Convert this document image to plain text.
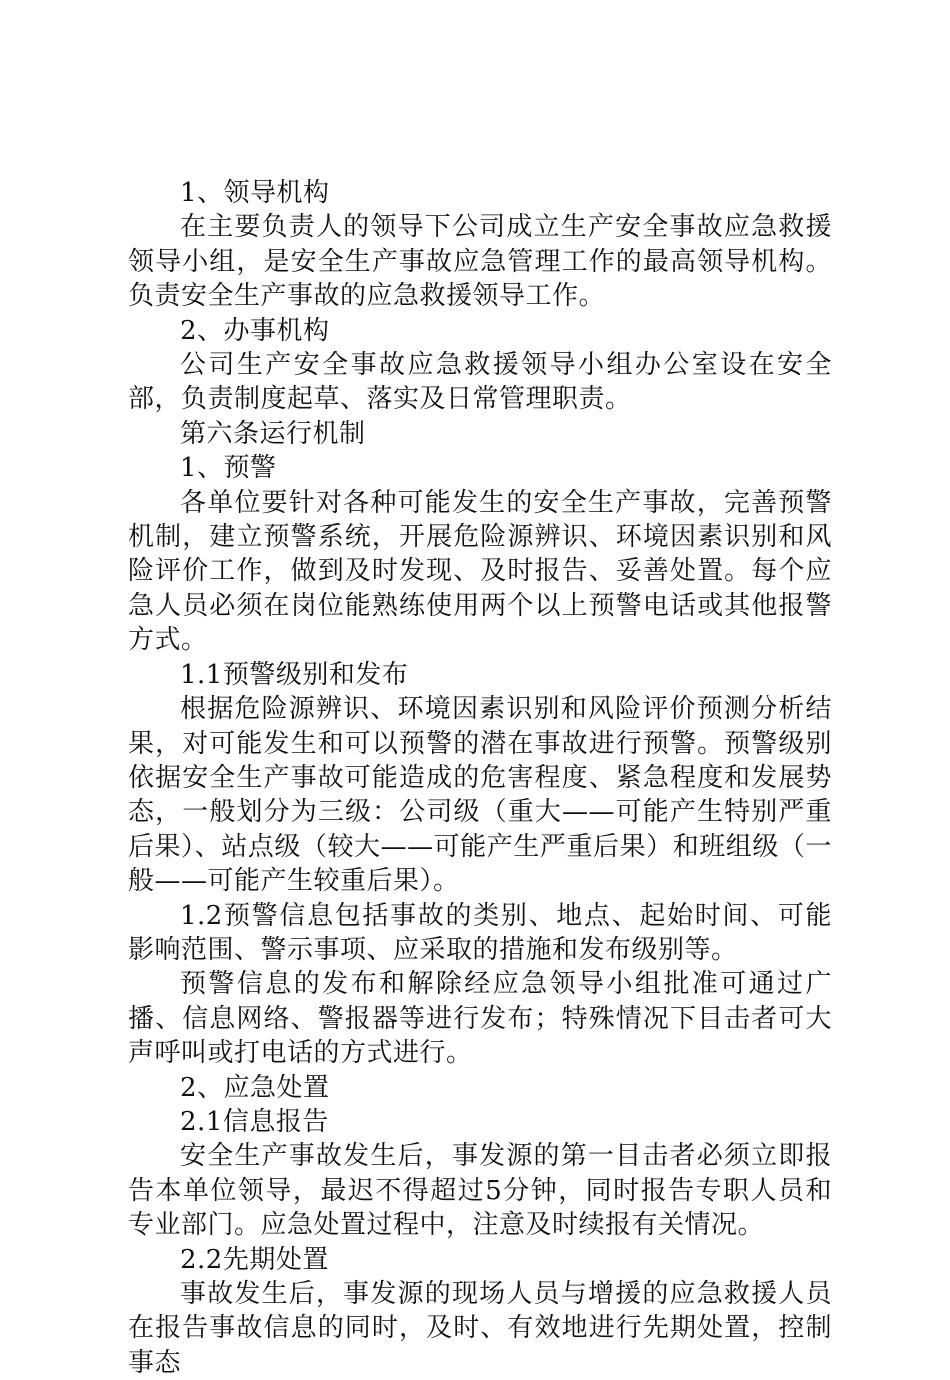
1、领导机构

在主要负责人的领导下公司成立生产安全事故应急救援领导小组，是安全生产事故应急管理工作的最高领导机构。负责安全生产事故的应急救援领导工作。

2、办事机构

公司生产安全事故应急救援领导小组办公室设在安全部，负责制度起草、落实及日常管理职责。

第六条运行机制

1、预警

各单位要针对各种可能发生的安全生产事故，完善预警机制，建立预警系统，开展危险源辨识、环境因素识别和风险评价工作，做到及时发现、及时报告、妥善处置。每个应急人员必须在岗位能熟练使用两个以上预警电话或其他报警方式。

1.1预警级别和发布

根据危险源辨识、环境因素识别和风险评价预测分析结果，对可能发生和可以预警的潜在事故进行预警。预警级别依据安全生产事故可能造成的危害程度、紧急程度和发展势态，一般划分为三级：公司级（重大——可能产生特别严重后果）、站点级（较大——可能产生严重后果）和班组级（一般——可能产生较重后果）。

1.2预警信息包括事故的类别、地点、起始时间、可能影响范围、警示事项、应采取的措施和发布级别等。

预警信息的发布和解除经应急领导小组批准可通过广播、信息网络、警报器等进行发布；特殊情况下目击者可大声呼叫或打电话的方式进行。

2、应急处置

2.1信息报告

安全生产事故发生后，事发源的第一目击者必须立即报告本单位领导，最迟不得超过5分钟，同时报告专职人员和专业部门。应急处置过程中，注意及时续报有关情况。

2.2先期处置

事故发生后，事发源的现场人员与增援的应急救援人员在报告事故信息的同时，及时、有效地进行先期处置，控制事态
